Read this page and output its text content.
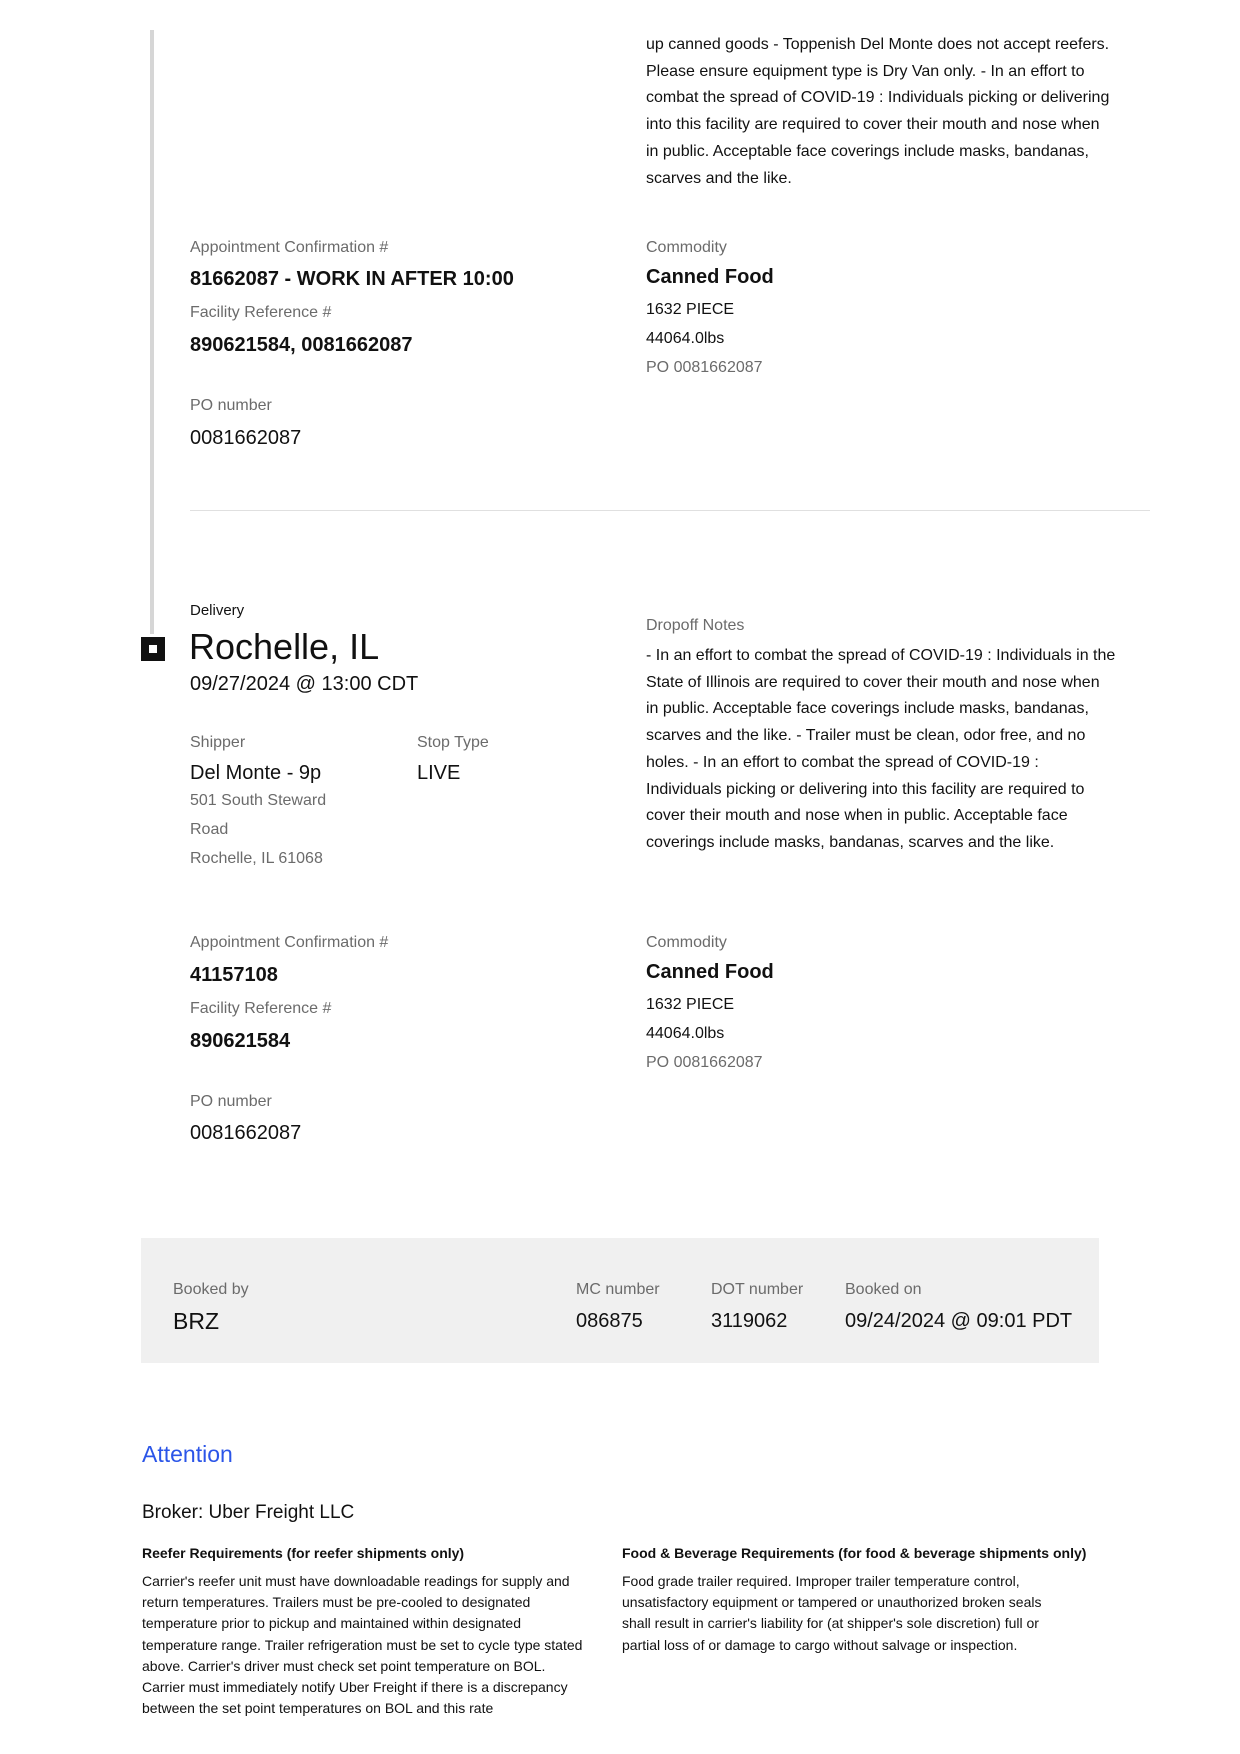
up canned goods - Toppenish Del Monte does not accept reefers. Please ensure equipment type is Dry Van only. - In an effort to combat the spread of COVID-19 : Individuals picking or delivering into this facility are required to cover their mouth and nose when in public. Acceptable face coverings include masks, bandanas, scarves and the like.
Appointment Confirmation #
81662087 - WORK IN AFTER 10:00
Facility Reference #
890621584, 0081662087
PO number
0081662087
Commodity
Canned Food
1632 PIECE
44064.0lbs
PO 0081662087
Delivery
Rochelle, IL
09/27/2024 @ 13:00 CDT
Shipper
Del Monte - 9p
501 South Steward
Road
Rochelle, IL 61068
Stop Type
LIVE
Dropoff Notes
- In an effort to combat the spread of COVID-19 : Individuals in the State of Illinois are required to cover their mouth and nose when in public. Acceptable face coverings include masks, bandanas, scarves and the like. - Trailer must be clean, odor free, and no holes. - In an effort to combat the spread of COVID-19 : Individuals picking or delivering into this facility are required to cover their mouth and nose when in public. Acceptable face coverings include masks, bandanas, scarves and the like.
Appointment Confirmation #
41157108
Facility Reference #
890621584
PO number
0081662087
Commodity
Canned Food
1632 PIECE
44064.0lbs
PO 0081662087
Booked by
BRZ
MC number
086875
DOT number
3119062
Booked on
09/24/2024 @ 09:01 PDT
Attention
Broker: Uber Freight LLC
Reefer Requirements (for reefer shipments only)
Carrier's reefer unit must have downloadable readings for supply and return temperatures. Trailers must be pre-cooled to designated temperature prior to pickup and maintained within designated temperature range. Trailer refrigeration must be set to cycle type stated above. Carrier's driver must check set point temperature on BOL. Carrier must immediately notify Uber Freight if there is a discrepancy between the set point temperatures on BOL and this rate
Food & Beverage Requirements (for food & beverage shipments only)
Food grade trailer required. Improper trailer temperature control, unsatisfactory equipment or tampered or unauthorized broken seals shall result in carrier's liability for (at shipper's sole discretion) full or partial loss of or damage to cargo without salvage or inspection.
